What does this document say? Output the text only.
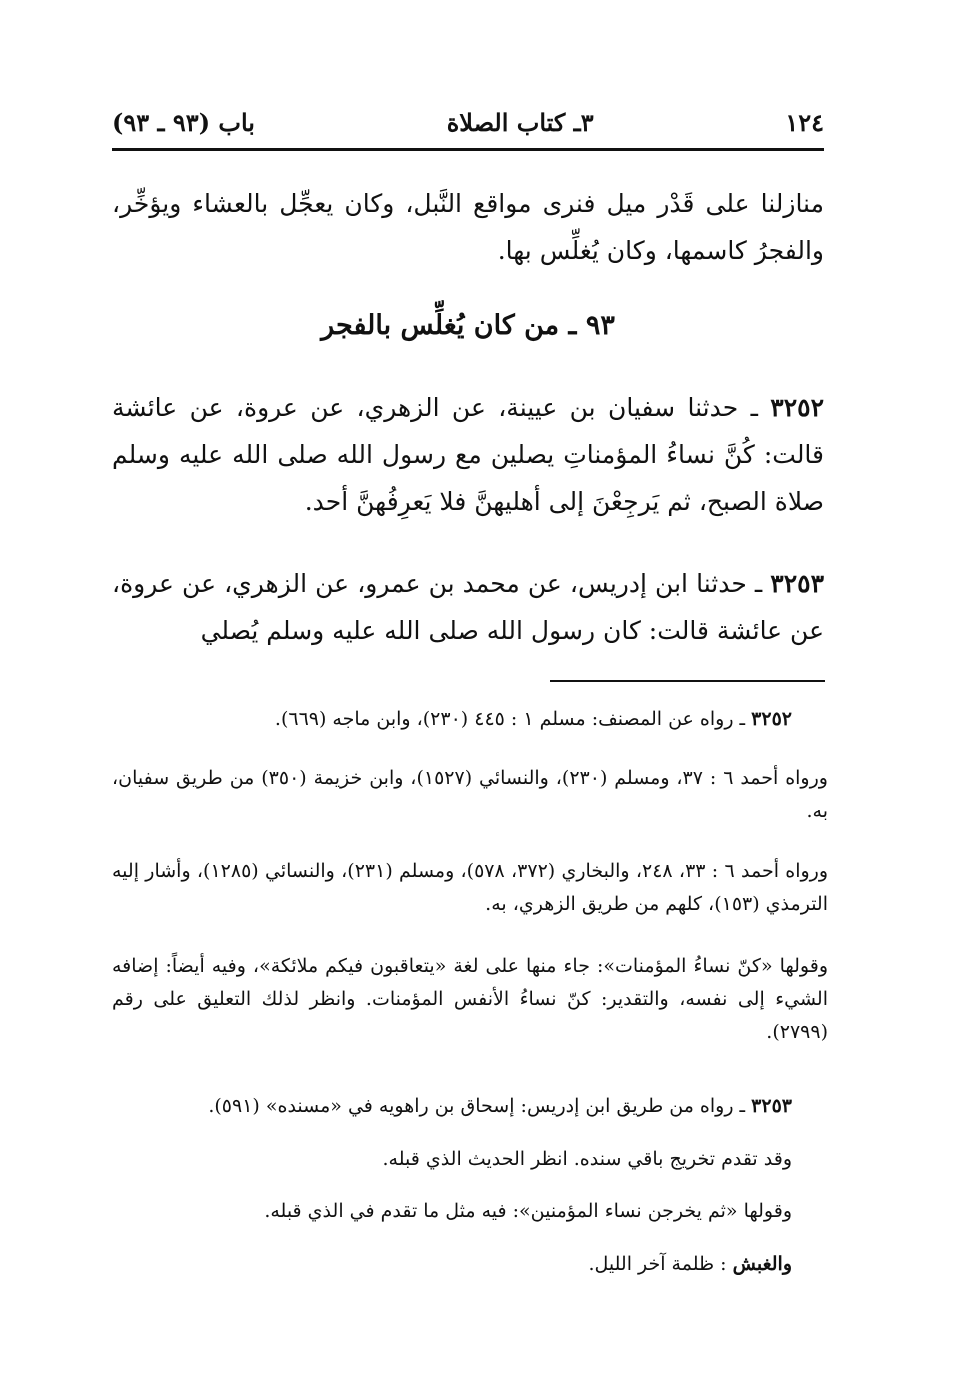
١٢٤
٣ـ كتاب الصلاة
باب (٩٣ ـ ٩٣)

منازلنا على قَدْر ميل فنرى مواقع النَّبل، وكان يعجِّل بالعشاء ويؤخِّر، والفجرُ كاسمها، وكان يُغلِّس بها.

٩٣ ـ من كان يُغلِّس بالفجر

٣٢٥٢ ـ حدثنا سفيان بن عيينة، عن الزهري، عن عروة، عن عائشة قالت: كُنَّ نساءُ المؤمناتِ يصلين مع رسول الله صلى الله عليه وسلم صلاة الصبح، ثم يَرجِعْنَ إلى أهليهنَّ فلا يَعرِفُهنَّ أحد.

٣٢٥٣ ـ حدثنا ابن إدريس، عن محمد بن عمرو، عن الزهري، عن عروة، عن عائشة قالت: كان رسول الله صلى الله عليه وسلم يُصلي

٣٢٥٢ ـ رواه عن المصنف: مسلم ١ : ٤٤٥ (٢٣٠)، وابن ماجه (٦٦٩).

ورواه أحمد ٦ : ٣٧، ومسلم (٢٣٠)، والنسائي (١٥٢٧)، وابن خزيمة (٣٥٠) من طريق سفيان، به.

ورواه أحمد ٦ : ٣٣، ٢٤٨، والبخاري (٣٧٢، ٥٧٨)، ومسلم (٢٣١)، والنسائي (١٢٨٥)، وأشار إليه الترمذي (١٥٣)، كلهم من طريق الزهري، به.

وقولها «كنّ نساءُ المؤمنات»: جاء منها على لغة «يتعاقبون فيكم ملائكة»، وفيه أيضاً: إضافه الشيء إلى نفسه، والتقدير: كنّ نساءُ الأنفس المؤمنات. وانظر لذلك التعليق على رقم (٢٧٩٩).

٣٢٥٣ ـ رواه من طريق ابن إدريس: إسحاق بن راهويه في «مسنده» (٥٩١).

وقد تقدم تخريج باقي سنده. انظر الحديث الذي قبله.

وقولها «ثم يخرجن نساء المؤمنين»: فيه مثل ما تقدم في الذي قبله.

والغبش : ظلمة آخر الليل.
